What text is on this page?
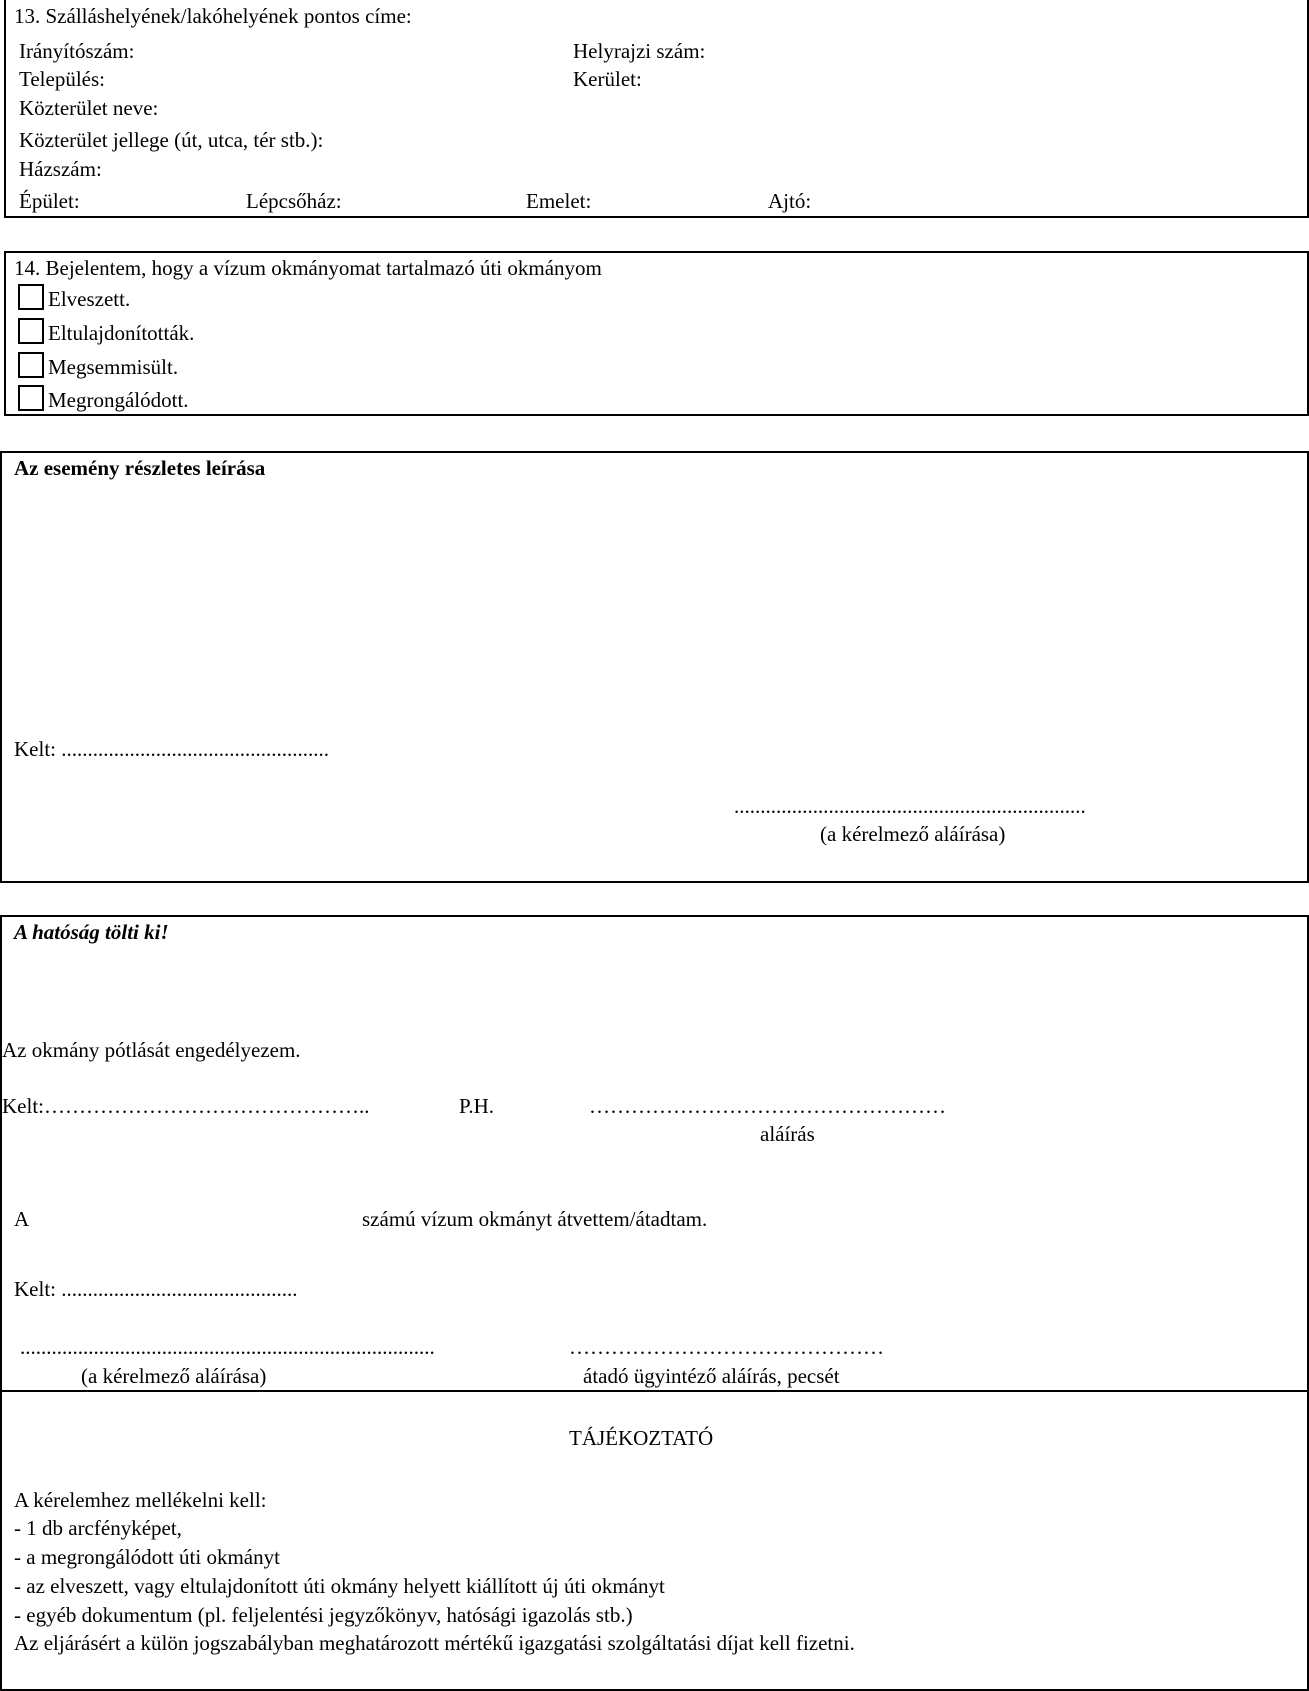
13. Szálláshelyének/lakóhelyének pontos címe:
Irányítószám:	Helyrajzi szám:
Település:	Kerület:
Közterület neve:
Közterület jellege (út, utca, tér stb.):
Házszám:
Épület:	Lépcsőház:	Emelet:	Ajtó:
14. Bejelentem, hogy a vízum okmányomat tartalmazó úti okmányom
Elveszett.
Eltulajdonították.
Megsemmisült.
Megrongálódott.
Az esemény részletes leírása
Kelt: ...................................................
...................................................................
(a kérelmező aláírása)
A hatóság tölti ki!
Az okmány pótlását engedélyezem.
Kelt:………………………………………..	P.H.	……………………………………………
aláírás
A	számú vízum okmányt átvettem/átadtam.
Kelt: .............................................
...............................................................................
(a kérelmező aláírása)
………………………………………
átadó ügyintéző aláírás, pecsét
TÁJÉKOZTATÓ
A kérelemhez mellékelni kell:
- 1 db arcfényképet,
- a megrongálódott úti okmányt
- az elveszett, vagy eltulajdonított úti okmány helyett kiállított új úti okmányt
- egyéb dokumentum (pl. feljelentési jegyzőkönyv, hatósági igazolás stb.)
Az eljárásért a külön jogszabályban meghatározott mértékű igazgatási szolgáltatási díjat kell fizetni.
